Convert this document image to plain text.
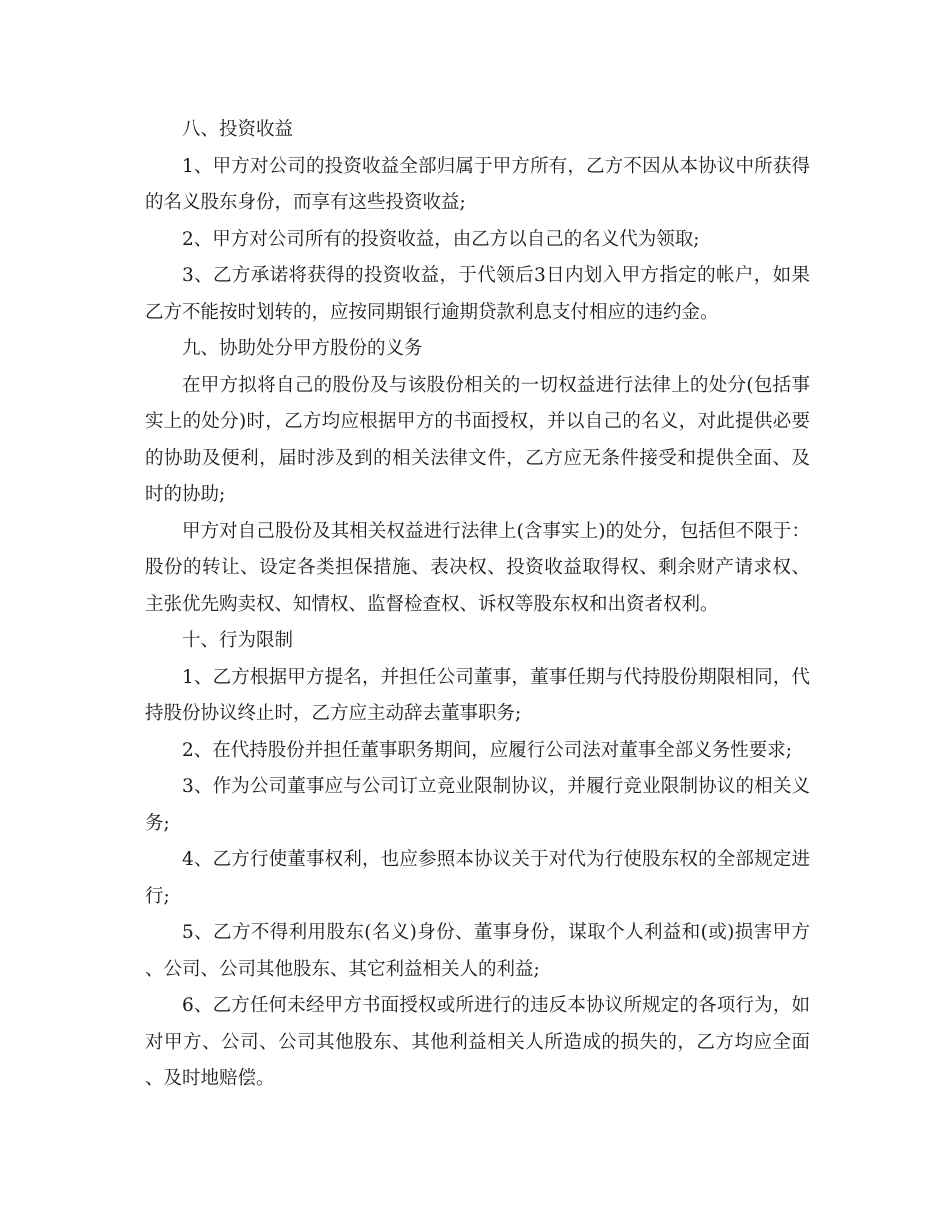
八、投资收益

1、甲方对公司的投资收益全部归属于甲方所有，乙方不因从本协议中所获得的名义股东身份，而享有这些投资收益;

2、甲方对公司所有的投资收益，由乙方以自己的名义代为领取;

3、乙方承诺将获得的投资收益，于代领后3日内划入甲方指定的帐户，如果乙方不能按时划转的，应按同期银行逾期贷款利息支付相应的违约金。

九、协助处分甲方股份的义务

在甲方拟将自己的股份及与该股份相关的一切权益进行法律上的处分(包括事实上的处分)时，乙方均应根据甲方的书面授权，并以自己的名义，对此提供必要的协助及便利，届时涉及到的相关法律文件，乙方应无条件接受和提供全面、及时的协助;

甲方对自己股份及其相关权益进行法律上(含事实上)的处分，包括但不限于：股份的转让、设定各类担保措施、表决权、投资收益取得权、剩余财产请求权、主张优先购卖权、知情权、监督检查权、诉权等股东权和出资者权利。

十、行为限制

1、乙方根据甲方提名，并担任公司董事，董事任期与代持股份期限相同，代持股份协议终止时，乙方应主动辞去董事职务;

2、在代持股份并担任董事职务期间，应履行公司法对董事全部义务性要求;

3、作为公司董事应与公司订立竞业限制协议，并履行竞业限制协议的相关义务;

4、乙方行使董事权利，也应参照本协议关于对代为行使股东权的全部规定进行;

5、乙方不得利用股东(名义)身份、董事身份，谋取个人利益和(或)损害甲方、公司、公司其他股东、其它利益相关人的利益;

6、乙方任何未经甲方书面授权或所进行的违反本协议所规定的各项行为，如对甲方、公司、公司其他股东、其他利益相关人所造成的损失的，乙方均应全面、及时地赔偿。
